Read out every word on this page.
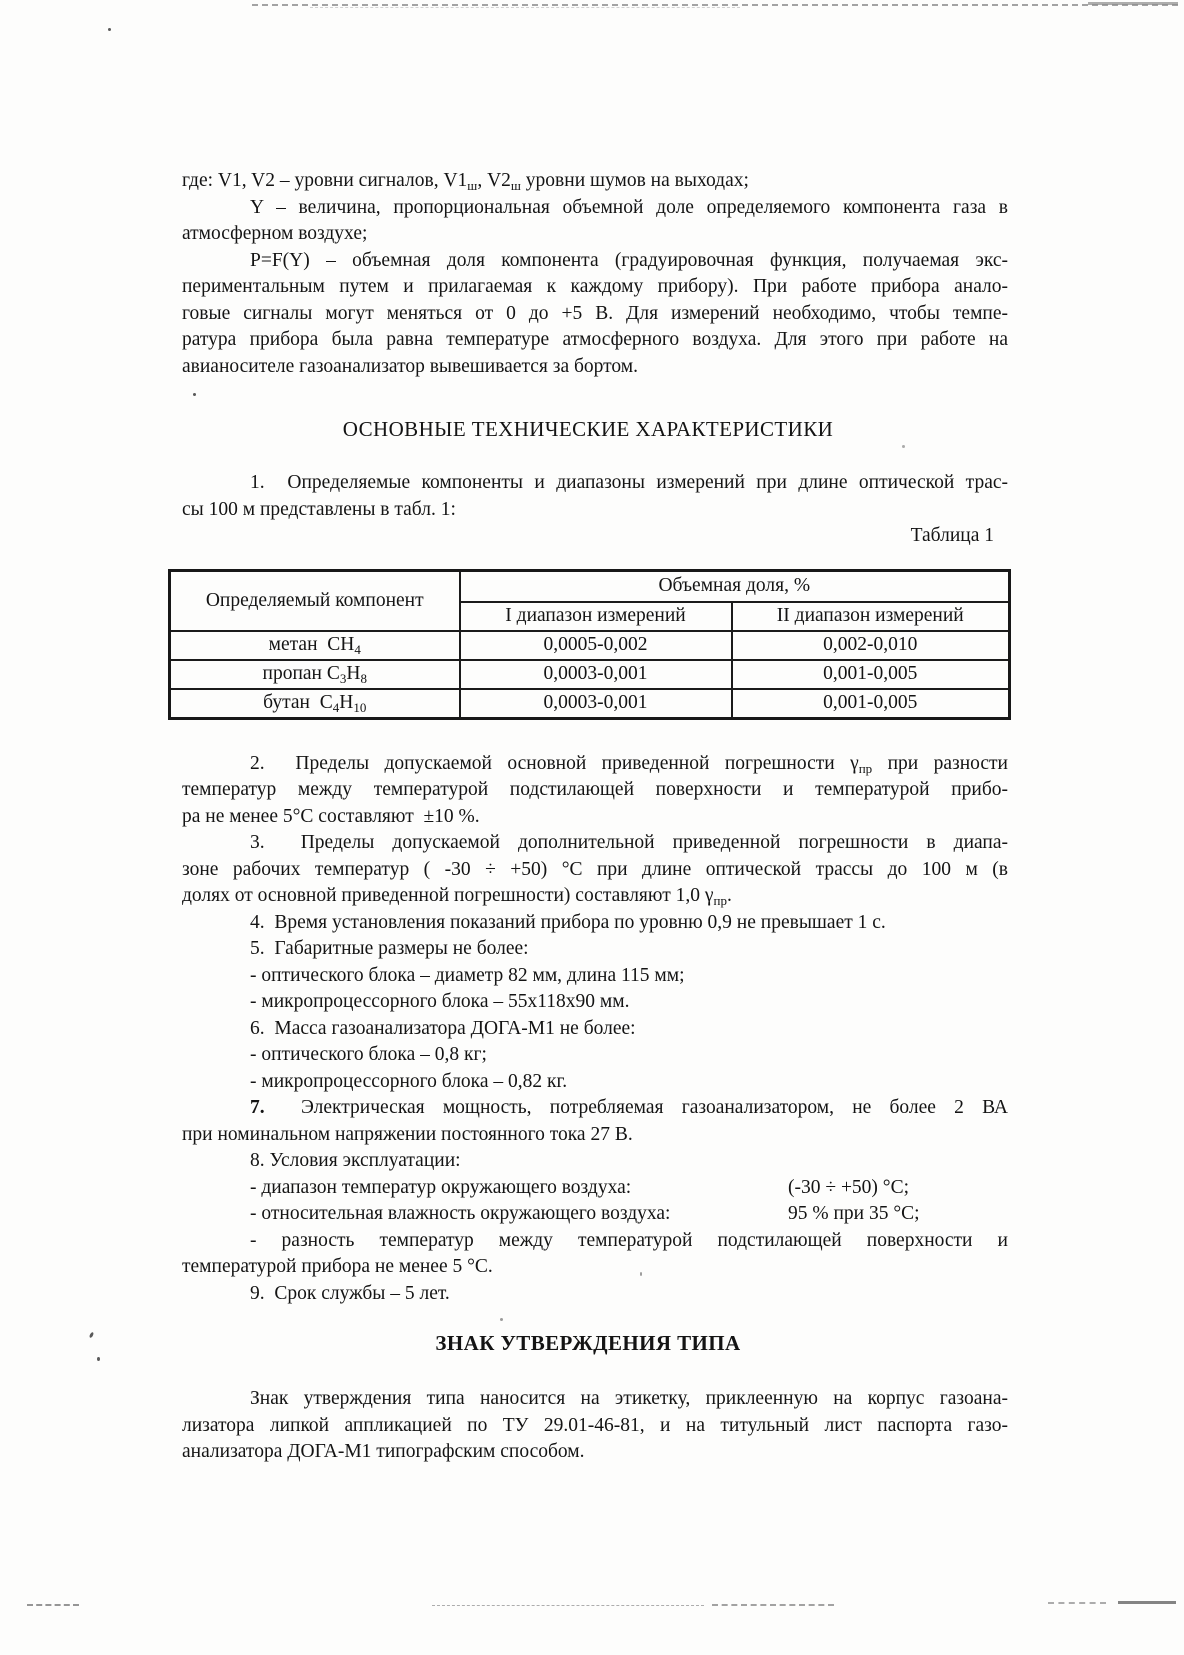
где: V1, V2 – уровни сигналов, $V1_ш$, $V2_ш$ уровни шумов на выходах;
Y – величина, пропорциональная объемной доле определяемого компонента газа в
атмосферном воздухе;
P=F(Y) – объемная доля компонента (градуировочная функция, получаемая экс-
периментальным путем и прилагаемая к каждому прибору). При работе прибора анало-
говые сигналы могут меняться от 0 до +5 В. Для измерений необходимо, чтобы темпе-
ратура прибора была равна температуре атмосферного воздуха. Для этого при работе на
авианосителе газоанализатор вывешивается за бортом.
ОСНОВНЫЕ ТЕХНИЧЕСКИЕ ХАРАКТЕРИСТИКИ
1.  Определяемые компоненты и диапазоны измерений при длине оптической трас-
сы 100 м представлены в табл. 1:
Таблица 1
Определяемый компонент	Объемная доля, %	
	I диапазон измерений	II диапазон измерений
метан  $CH_4$	0,0005-0,002	0,002-0,010
пропан $C_3H_8$	0,0003-0,001	0,001-0,005
бутан  $C_4H_{10}$	0,0003-0,001	0,001-0,005
2.  Пределы допускаемой основной приведенной погрешности $\gamma_{пр}$ при разности
температур между температурой подстилающей поверхности и температурой прибо-
ра не менее 5°С составляют  ±10 %.
3.  Пределы допускаемой дополнительной приведенной погрешности в диапа-
зоне рабочих температур ( -30 ÷ +50) °С при длине оптической трассы до 100 м (в
долях от основной приведенной погрешности) составляют 1,0 $\gamma_{пр}$.
4.  Время установления показаний прибора по уровню 0,9 не превышает 1 с.
5.  Габаритные размеры не более:
- оптического блока – диаметр 82 мм, длина 115 мм;
- микропроцессорного блока – 55х118х90 мм.
6.  Масса газоанализатора ДОГА-М1 не более:
- оптического блока – 0,8 кг;
- микропроцессорного блока – 0,82 кг.
7.  Электрическая мощность, потребляемая газоанализатором, не более 2 ВА
при номинальном напряжении постоянного тока 27 В.
8. Условия эксплуатации:
- диапазон температур окружающего воздуха:	(-30 ÷ +50) °С;
- относительная влажность окружающего воздуха:	95 % при 35 °С;
- разность температур между температурой подстилающей поверхности и
температурой прибора не менее 5 °С.
9.  Срок службы – 5 лет.
ЗНАК УТВЕРЖДЕНИЯ ТИПА
Знак утверждения типа наносится на этикетку, приклеенную на корпус газоана-
лизатора липкой аппликацией по ТУ 29.01-46-81, и на титульный лист паспорта газо-
анализатора ДОГА-М1 типографским способом.
